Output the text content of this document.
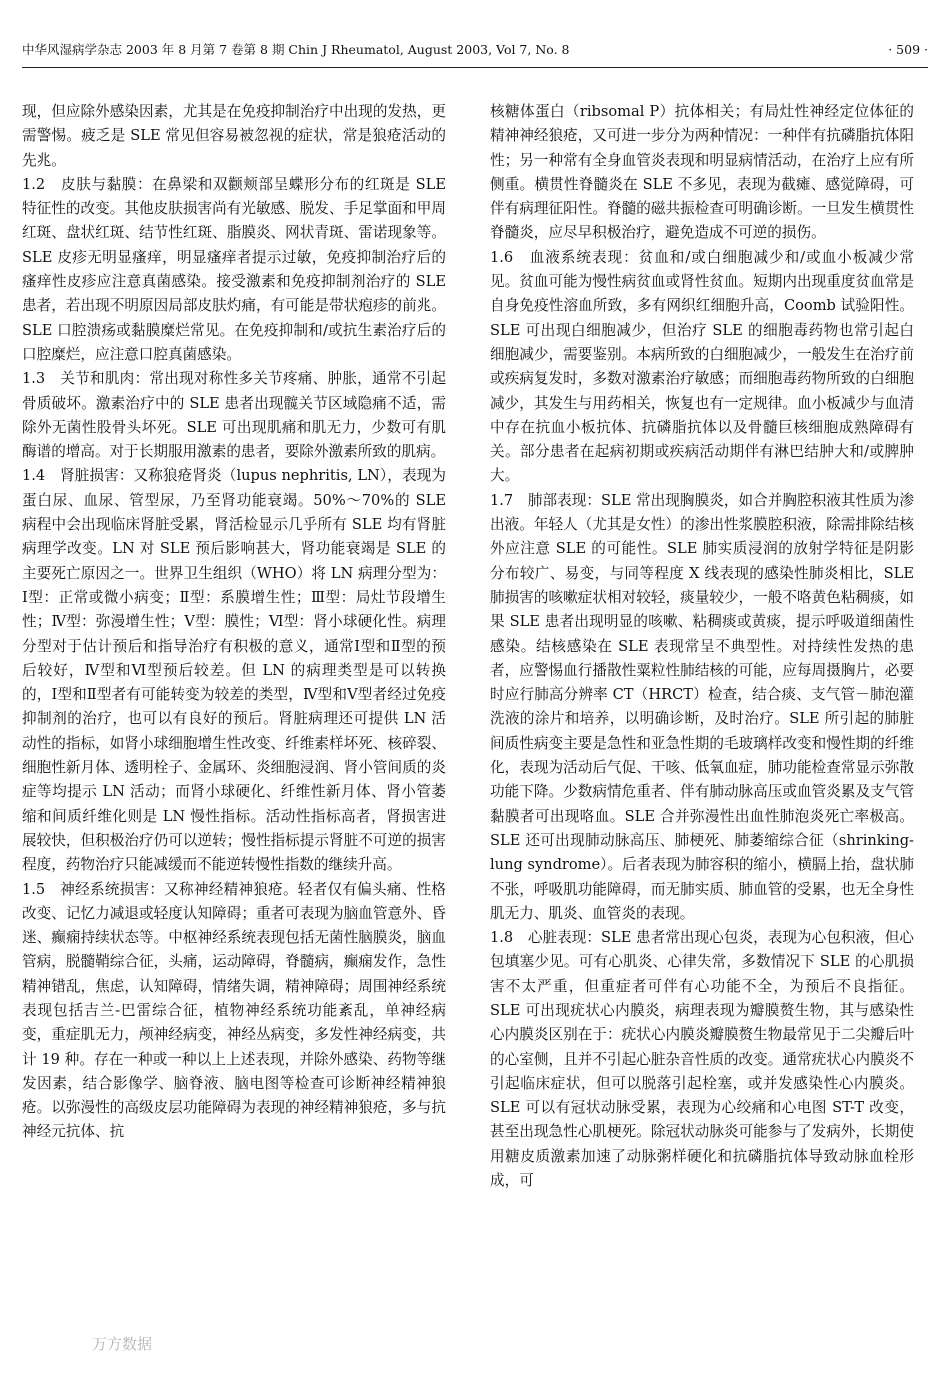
中华风湿病学杂志 2003 年 8 月第 7 卷第 8 期 Chin J Rheumatol, August 2003, Vol 7, No. 8	· 509 ·

现，但应除外感染因素，尤其是在免疫抑制治疗中出现的发热，更需警惕。疲乏是 SLE 常见但容易被忽视的症状，常是狼疮活动的先兆。

1.2　皮肤与黏膜：在鼻梁和双颧颊部呈蝶形分布的红斑是 SLE 特征性的改变。其他皮肤损害尚有光敏感、脱发、手足掌面和甲周红斑、盘状红斑、结节性红斑、脂膜炎、网状青斑、雷诺现象等。SLE 皮疹无明显瘙痒，明显瘙痒者提示过敏，免疫抑制治疗后的瘙痒性皮疹应注意真菌感染。接受激素和免疫抑制剂治疗的 SLE 患者，若出现不明原因局部皮肤灼痛，有可能是带状疱疹的前兆。SLE 口腔溃疡或黏膜糜烂常见。在免疫抑制和/或抗生素治疗后的口腔糜烂，应注意口腔真菌感染。

1.3　关节和肌肉：常出现对称性多关节疼痛、肿胀，通常不引起骨质破坏。激素治疗中的 SLE 患者出现髋关节区域隐痛不适，需除外无菌性股骨头坏死。SLE 可出现肌痛和肌无力，少数可有肌酶谱的增高。对于长期服用激素的患者，要除外激素所致的肌病。

1.4　肾脏损害：又称狼疮肾炎（lupus nephritis, LN），表现为蛋白尿、血尿、管型尿，乃至肾功能衰竭。50%～70%的 SLE 病程中会出现临床肾脏受累，肾活检显示几乎所有 SLE 均有肾脏病理学改变。LN 对 SLE 预后影响甚大，肾功能衰竭是 SLE 的主要死亡原因之一。世界卫生组织（WHO）将 LN 病理分型为：Ⅰ型：正常或微小病变；Ⅱ型：系膜增生性；Ⅲ型：局灶节段增生性；Ⅳ型：弥漫增生性；Ⅴ型：膜性；Ⅵ型：肾小球硬化性。病理分型对于估计预后和指导治疗有积极的意义，通常Ⅰ型和Ⅱ型的预后较好，Ⅳ型和Ⅵ型预后较差。但 LN 的病理类型是可以转换的，Ⅰ型和Ⅱ型者有可能转变为较差的类型，Ⅳ型和Ⅴ型者经过免疫抑制剂的治疗，也可以有良好的预后。肾脏病理还可提供 LN 活动性的指标，如肾小球细胞增生性改变、纤维素样坏死、核碎裂、细胞性新月体、透明栓子、金属环、炎细胞浸润、肾小管间质的炎症等均提示 LN 活动；而肾小球硬化、纤维性新月体、肾小管萎缩和间质纤维化则是 LN 慢性指标。活动性指标高者，肾损害进展较快，但积极治疗仍可以逆转；慢性指标提示肾脏不可逆的损害程度，药物治疗只能减缓而不能逆转慢性指数的继续升高。

1.5　神经系统损害：又称神经精神狼疮。轻者仅有偏头痛、性格改变、记忆力减退或轻度认知障碍；重者可表现为脑血管意外、昏迷、癫痫持续状态等。中枢神经系统表现包括无菌性脑膜炎，脑血管病，脱髓鞘综合征，头痛，运动障碍，脊髓病，癫痫发作，急性精神错乱，焦虑，认知障碍，情绪失调，精神障碍；周围神经系统表现包括吉兰-巴雷综合征，植物神经系统功能紊乱，单神经病变，重症肌无力，颅神经病变，神经丛病变，多发性神经病变，共计 19 种。存在一种或一种以上上述表现，并除外感染、药物等继发因素，结合影像学、脑脊液、脑电图等检查可诊断神经精神狼疮。以弥漫性的高级皮层功能障碍为表现的神经精神狼疮，多与抗神经元抗体、抗

核糖体蛋白（ribsomal P）抗体相关；有局灶性神经定位体征的精神神经狼疮，又可进一步分为两种情况：一种伴有抗磷脂抗体阳性；另一种常有全身血管炎表现和明显病情活动，在治疗上应有所侧重。横贯性脊髓炎在 SLE 不多见，表现为截瘫、感觉障碍，可伴有病理征阳性。脊髓的磁共振检查可明确诊断。一旦发生横贯性脊髓炎，应尽早积极治疗，避免造成不可逆的损伤。

1.6　血液系统表现：贫血和/或白细胞减少和/或血小板减少常见。贫血可能为慢性病贫血或肾性贫血。短期内出现重度贫血常是自身免疫性溶血所致，多有网织红细胞升高，Coomb 试验阳性。SLE 可出现白细胞减少，但治疗 SLE 的细胞毒药物也常引起白细胞减少，需要鉴别。本病所致的白细胞减少，一般发生在治疗前或疾病复发时，多数对激素治疗敏感；而细胞毒药物所致的白细胞减少，其发生与用药相关，恢复也有一定规律。血小板减少与血清中存在抗血小板抗体、抗磷脂抗体以及骨髓巨核细胞成熟障碍有关。部分患者在起病初期或疾病活动期伴有淋巴结肿大和/或脾肿大。

1.7　肺部表现：SLE 常出现胸膜炎，如合并胸腔积液其性质为渗出液。年轻人（尤其是女性）的渗出性浆膜腔积液，除需排除结核外应注意 SLE 的可能性。SLE 肺实质浸润的放射学特征是阴影分布较广、易变，与同等程度 X 线表现的感染性肺炎相比，SLE 肺损害的咳嗽症状相对较轻，痰量较少，一般不咯黄色粘稠痰，如果 SLE 患者出现明显的咳嗽、粘稠痰或黄痰，提示呼吸道细菌性感染。结核感染在 SLE 表现常呈不典型性。对持续性发热的患者，应警惕血行播散性粟粒性肺结核的可能，应每周摄胸片，必要时应行肺高分辨率 CT（HRCT）检查，结合痰、支气管－肺泡灌洗液的涂片和培养，以明确诊断，及时治疗。SLE 所引起的肺脏间质性病变主要是急性和亚急性期的毛玻璃样改变和慢性期的纤维化，表现为活动后气促、干咳、低氧血症，肺功能检查常显示弥散功能下降。少数病情危重者、伴有肺动脉高压或血管炎累及支气管黏膜者可出现咯血。SLE 合并弥漫性出血性肺泡炎死亡率极高。SLE 还可出现肺动脉高压、肺梗死、肺萎缩综合征（shrinking-lung syndrome）。后者表现为肺容积的缩小，横膈上抬，盘状肺不张，呼吸肌功能障碍，而无肺实质、肺血管的受累，也无全身性肌无力、肌炎、血管炎的表现。

1.8　心脏表现：SLE 患者常出现心包炎，表现为心包积液，但心包填塞少见。可有心肌炎、心律失常，多数情况下 SLE 的心肌损害不太严重，但重症者可伴有心功能不全，为预后不良指征。SLE 可出现疣状心内膜炎，病理表现为瓣膜赘生物，其与感染性心内膜炎区别在于：疣状心内膜炎瓣膜赘生物最常见于二尖瓣后叶的心室侧，且并不引起心脏杂音性质的改变。通常疣状心内膜炎不引起临床症状，但可以脱落引起栓塞，或并发感染性心内膜炎。SLE 可以有冠状动脉受累，表现为心绞痛和心电图 ST-T 改变，甚至出现急性心肌梗死。除冠状动脉炎可能参与了发病外，长期使用糖皮质激素加速了动脉粥样硬化和抗磷脂抗体导致动脉血栓形成，可

万方数据
